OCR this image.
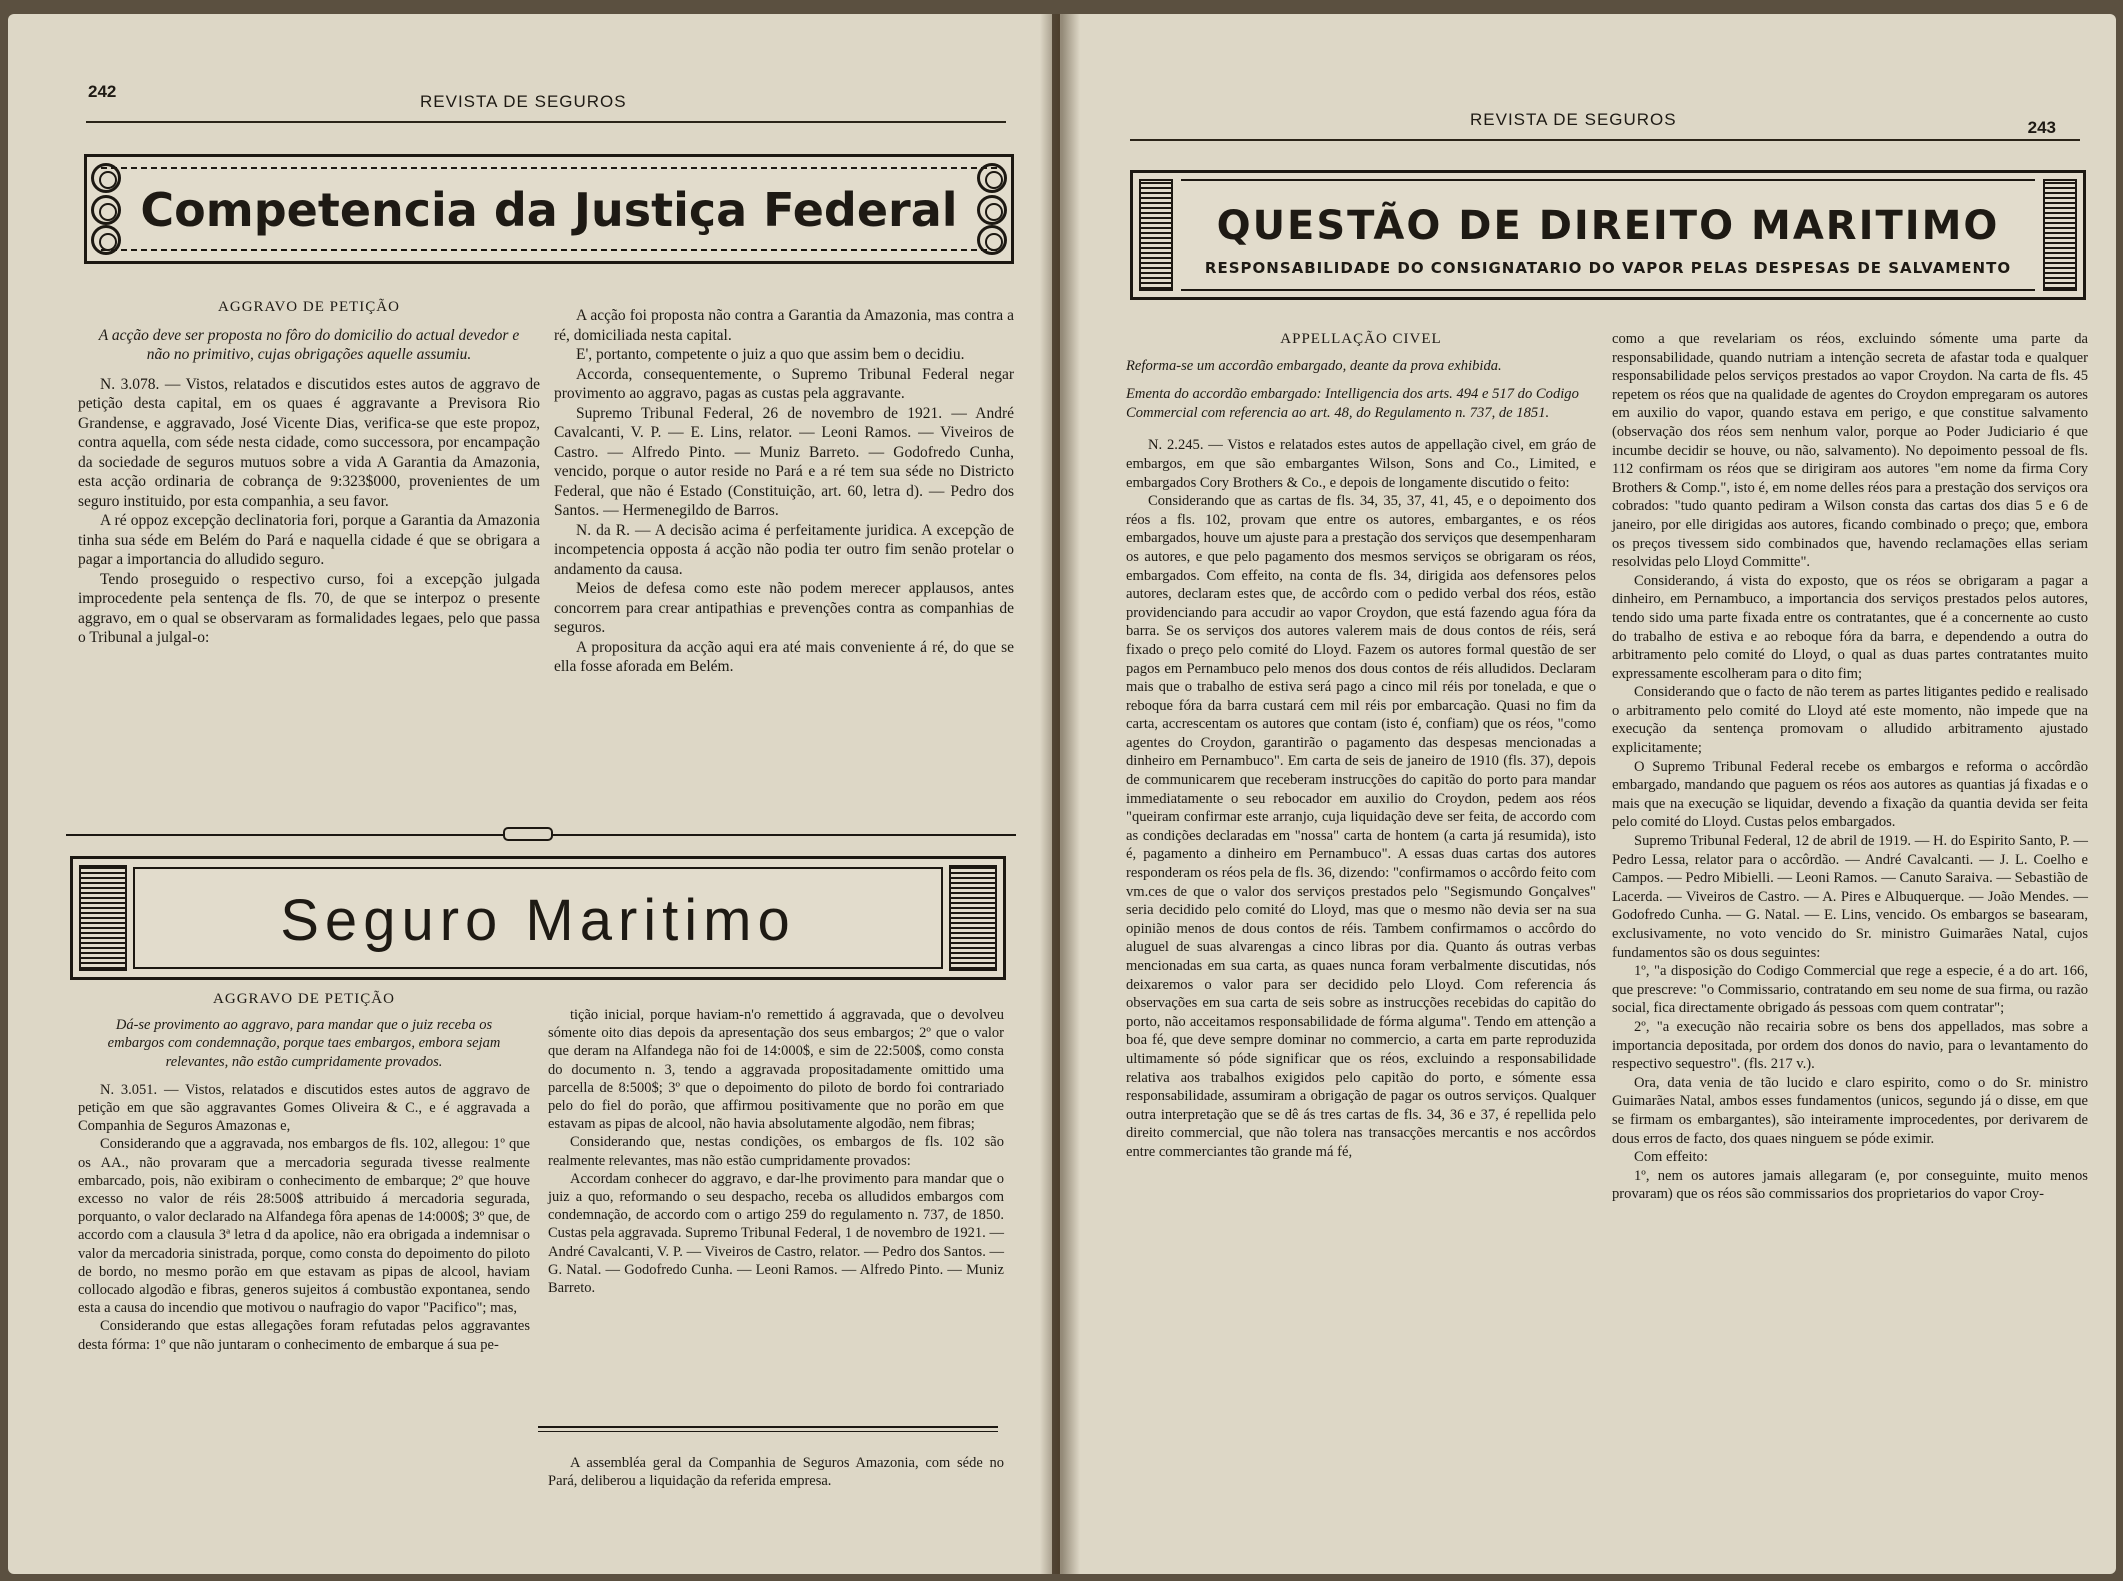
242
REVISTA DE SEGUROS
Competencia da Justiça Federal

AGGRAVO DE PETIÇÃO

A acção deve ser proposta no fôro do domicilio do actual devedor e não no primitivo, cujas obrigações aquelle assumiu.

N. 3.078. — Vistos, relatados e discutidos estes autos de aggravo de petição desta capital, em os quaes é aggravante a Previsora Rio Grandense, e aggravado, José Vicente Dias, verifica-se que este propoz, contra aquella, com séde nesta cidade, como successora, por encampação da sociedade de seguros mutuos sobre a vida A Garantia da Amazonia, esta acção ordinaria de cobrança de 9:323$000, provenientes de um seguro instituido, por esta companhia, a seu favor.

A ré oppoz excepção declinatoria fori, porque a Garantia da Amazonia tinha sua séde em Belém do Pará e naquella cidade é que se obrigara a pagar a importancia do alludido seguro.

Tendo proseguido o respectivo curso, foi a excepção julgada improcedente pela sentença de fls. 70, de que se interpoz o presente aggravo, em o qual se observaram as formalidades legaes, pelo que passa o Tribunal a julgal-o:

A acção foi proposta não contra a Garantia da Amazonia, mas contra a ré, domiciliada nesta capital.

E', portanto, competente o juiz a quo que assim bem o decidiu.

Accorda, consequentemente, o Supremo Tribunal Federal negar provimento ao aggravo, pagas as custas pela aggravante.

Supremo Tribunal Federal, 26 de novembro de 1921. — André Cavalcanti, V. P. — E. Lins, relator. — Leoni Ramos. — Viveiros de Castro. — Alfredo Pinto. — Muniz Barreto. — Godofredo Cunha, vencido, porque o autor reside no Pará e a ré tem sua séde no Districto Federal, que não é Estado (Constituição, art. 60, letra d). — Pedro dos Santos. — Hermenegildo de Barros.

N. da R. — A decisão acima é perfeitamente juridica. A excepção de incompetencia opposta á acção não podia ter outro fim senão protelar o andamento da causa.

Meios de defesa como este não podem merecer applausos, antes concorrem para crear antipathias e prevenções contra as companhias de seguros.

A propositura da acção aqui era até mais conveniente á ré, do que se ella fosse aforada em Belém.

Seguro Maritimo

AGGRAVO DE PETIÇÃO

Dá-se provimento ao aggravo, para mandar que o juiz receba os embargos com condemnação, porque taes embargos, embora sejam relevantes, não estão cumpridamente provados.

N. 3.051. — Vistos, relatados e discutidos estes autos de aggravo de petição em que são aggravantes Gomes Oliveira & C., e é aggravada a Companhia de Seguros Amazonas e,

Considerando que a aggravada, nos embargos de fls. 102, allegou: 1º que os AA., não provaram que a mercadoria segurada tivesse realmente embarcado, pois, não exibiram o conhecimento de embarque; 2º que houve excesso no valor de réis 28:500$ attribuido á mercadoria segurada, porquanto, o valor declarado na Alfandega fôra apenas de 14:000$; 3º que, de accordo com a clausula 3ª letra d da apolice, não era obrigada a indemnisar o valor da mercadoria sinistrada, porque, como consta do depoimento do piloto de bordo, no mesmo porão em que estavam as pipas de alcool, haviam collocado algodão e fibras, generos sujeitos á combustão expontanea, sendo esta a causa do incendio que motivou o naufragio do vapor "Pacifico"; mas,

Considerando que estas allegações foram refutadas pelos aggravantes desta fórma: 1º que não juntaram o conhecimento de embarque á sua pe-

tição inicial, porque haviam-n'o remettido á aggravada, que o devolveu sómente oito dias depois da apresentação dos seus embargos; 2º que o valor que deram na Alfandega não foi de 14:000$, e sim de 22:500$, como consta do documento n. 3, tendo a aggravada propositadamente omittido uma parcella de 8:500$; 3º que o depoimento do piloto de bordo foi contrariado pelo do fiel do porão, que affirmou positivamente que no porão em que estavam as pipas de alcool, não havia absolutamente algodão, nem fibras;

Considerando que, nestas condições, os embargos de fls. 102 são realmente relevantes, mas não estão cumpridamente provados:

Accordam conhecer do aggravo, e dar-lhe provimento para mandar que o juiz a quo, reformando o seu despacho, receba os alludidos embargos com condemnação, de accordo com o artigo 259 do regulamento n. 737, de 1850. Custas pela aggravada. Supremo Tribunal Federal, 1 de novembro de 1921. — André Cavalcanti, V. P. — Viveiros de Castro, relator. — Pedro dos Santos. — G. Natal. — Godofredo Cunha. — Leoni Ramos. — Alfredo Pinto. — Muniz Barreto.

A assembléa geral da Companhia de Seguros Amazonia, com séde no Pará, deliberou a liquidação da referida empresa.

REVISTA DE SEGUROS	243
QUESTÃO DE DIREITO MARITIMO
RESPONSABILIDADE DO CONSIGNATARIO DO VAPOR PELAS DESPESAS DE SALVAMENTO

APPELLAÇÃO CIVEL

Reforma-se um accordão embargado, deante da prova exhibida.

Ementa do accordão embargado: Intelligencia dos arts. 494 e 517 do Codigo Commercial com referencia ao art. 48, do Regulamento n. 737, de 1851.

N. 2.245. — Vistos e relatados estes autos de appellação civel, em gráo de embargos, em que são embargantes Wilson, Sons and Co., Limited, e embargados Cory Brothers & Co., e depois de longamente discutido o feito:

Considerando que as cartas de fls. 34, 35, 37, 41, 45, e o depoimento dos réos a fls. 102, provam que entre os autores, embargantes, e os réos embargados, houve um ajuste para a prestação dos serviços que desempenharam os autores, e que pelo pagamento dos mesmos serviços se obrigaram os réos, embargados. Com effeito, na conta de fls. 34, dirigida aos defensores pelos autores, declaram estes que, de accôrdo com o pedido verbal dos réos, estão providenciando para accudir ao vapor Croydon, que está fazendo agua fóra da barra. Se os serviços dos autores valerem mais de dous contos de réis, será fixado o preço pelo comité do Lloyd. Fazem os autores formal questão de ser pagos em Pernambuco pelo menos dos dous contos de réis alludidos. Declaram mais que o trabalho de estiva será pago a cinco mil réis por tonelada, e que o reboque fóra da barra custará cem mil réis por embarcação. Quasi no fim da carta, accrescentam os autores que contam (isto é, confiam) que os réos, "como agentes do Croydon, garantirão o pagamento das despesas mencionadas a dinheiro em Pernambuco". Em carta de seis de janeiro de 1910 (fls. 37), depois de communicarem que receberam instrucções do capitão do porto para mandar immediatamente o seu rebocador em auxilio do Croydon, pedem aos réos "queiram confirmar este arranjo, cuja liquidação deve ser feita, de accordo com as condições declaradas em "nossa" carta de hontem (a carta já resumida), isto é, pagamento a dinheiro em Pernambuco". A essas duas cartas dos autores responderam os réos pela de fls. 36, dizendo: "confirmamos o accôrdo feito com vm.ces de que o valor dos serviços prestados pelo "Segismundo Gonçalves" seria decidido pelo comité do Lloyd, mas que o mesmo não devia ser na sua opinião menos de dous contos de réis. Tambem confirmamos o accôrdo do aluguel de suas alvarengas a cinco libras por dia. Quanto ás outras verbas mencionadas em sua carta, as quaes nunca foram verbalmente discutidas, nós deixaremos o valor para ser decidido pelo Lloyd. Com referencia ás observações em sua carta de seis sobre as instrucções recebidas do capitão do porto, não acceitamos responsabilidade de fórma alguma". Tendo em attenção a boa fé, que deve sempre dominar no commercio, a carta em parte reproduzida ultimamente só póde significar que os réos, excluindo a responsabilidade relativa aos trabalhos exigidos pelo capitão do porto, e sómente essa responsabilidade, assumiram a obrigação de pagar os outros serviços. Qualquer outra interpretação que se dê ás tres cartas de fls. 34, 36 e 37, é repellida pelo direito commercial, que não tolera nas transacções mercantis e nos accôrdos entre commerciantes tão grande má fé,

como a que revelariam os réos, excluindo sómente uma parte da responsabilidade, quando nutriam a intenção secreta de afastar toda e qualquer responsabilidade pelos serviços prestados ao vapor Croydon. Na carta de fls. 45 repetem os réos que na qualidade de agentes do Croydon empregaram os autores em auxilio do vapor, quando estava em perigo, e que constitue salvamento (observação dos réos sem nenhum valor, porque ao Poder Judiciario é que incumbe decidir se houve, ou não, salvamento). No depoimento pessoal de fls. 112 confirmam os réos que se dirigiram aos autores "em nome da firma Cory Brothers & Comp.", isto é, em nome delles réos para a prestação dos serviços ora cobrados: "tudo quanto pediram a Wilson consta das cartas dos dias 5 e 6 de janeiro, por elle dirigidas aos autores, ficando combinado o preço; que, embora os preços tivessem sido combinados que, havendo reclamações ellas seriam resolvidas pelo Lloyd Committe".

Considerando, á vista do exposto, que os réos se obrigaram a pagar a dinheiro, em Pernambuco, a importancia dos serviços prestados pelos autores, tendo sido uma parte fixada entre os contratantes, que é a concernente ao custo do trabalho de estiva e ao reboque fóra da barra, e dependendo a outra do arbitramento pelo comité do Lloyd, o qual as duas partes contratantes muito expressamente escolheram para o dito fim;

Considerando que o facto de não terem as partes litigantes pedido e realisado o arbitramento pelo comité do Lloyd até este momento, não impede que na execução da sentença promovam o alludido arbitramento ajustado explicitamente;

O Supremo Tribunal Federal recebe os embargos e reforma o accôrdão embargado, mandando que paguem os réos aos autores as quantias já fixadas e o mais que na execução se liquidar, devendo a fixação da quantia devida ser feita pelo comité do Lloyd. Custas pelos embargados.

Supremo Tribunal Federal, 12 de abril de 1919. — H. do Espirito Santo, P. — Pedro Lessa, relator para o accôrdão. — André Cavalcanti. — J. L. Coelho e Campos. — Pedro Mibielli. — Leoni Ramos. — Canuto Saraiva. — Sebastião de Lacerda. — Viveiros de Castro. — A. Pires e Albuquerque. — João Mendes. — Godofredo Cunha. — G. Natal. — E. Lins, vencido. Os embargos se basearam, exclusivamente, no voto vencido do Sr. ministro Guimarães Natal, cujos fundamentos são os dous seguintes:

1º, "a disposição do Codigo Commercial que rege a especie, é a do art. 166, que prescreve: "o Commissario, contratando em seu nome de sua firma, ou razão social, fica directamente obrigado ás pessoas com quem contratar";

2º, "a execução não recairia sobre os bens dos appellados, mas sobre a importancia depositada, por ordem dos donos do navio, para o levantamento do respectivo sequestro". (fls. 217 v.).

Ora, data venia de tão lucido e claro espirito, como o do Sr. ministro Guimarães Natal, ambos esses fundamentos (unicos, segundo já o disse, em que se firmam os embargantes), são inteiramente improcedentes, por derivarem de dous erros de facto, dos quaes ninguem se póde eximir.

Com effeito:

1º, nem os autores jamais allegaram (e, por conseguinte, muito menos provaram) que os réos são commissarios dos proprietarios do vapor Croy-
